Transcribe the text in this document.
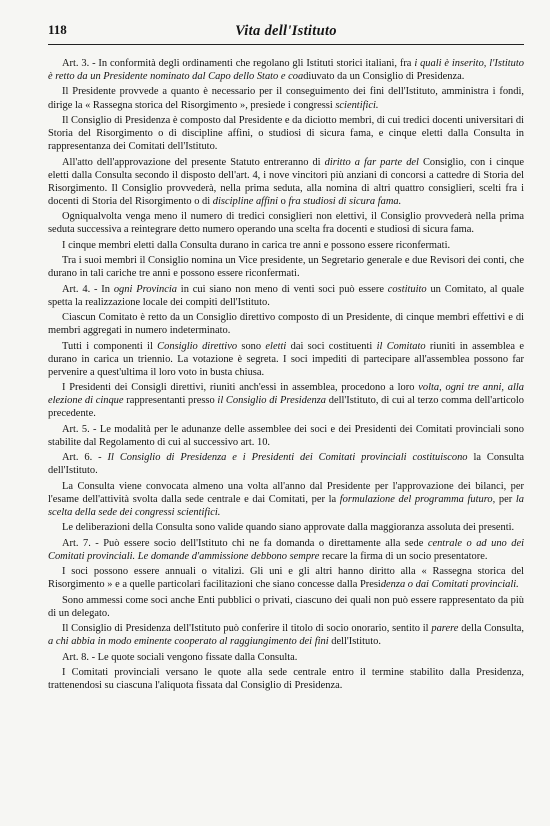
118	Vita dell'Istituto

Art. 3. - In conformità degli ordinamenti che regolano gli Istituti storici italiani, fra i quali è inserito, l'Istituto è retto da un Presidente nominato dal Capo dello Stato e coadiuvato da un Consiglio di Presidenza.

Il Presidente provvede a quanto è necessario per il conseguimento dei fini dell'Istituto, amministra i fondi, dirige la « Rassegna storica del Risorgimento », presiede i congressi scientifici.

Il Consiglio di Presidenza è composto dal Presidente e da diciotto membri, di cui tredici docenti universitari di Storia del Risorgimento o di discipline affini, o studiosi di sicura fama, e cinque eletti dalla Consulta in rappresentanza dei Comitati dell'Istituto.

All'atto dell'approvazione del presente Statuto entreranno di diritto a far parte del Consiglio, con i cinque eletti dalla Consulta secondo il disposto dell'art. 4, i nove vincitori più anziani di concorsi a cattedre di Storia del Risorgimento. Il Consiglio provvederà, nella prima seduta, alla nomina di altri quattro consiglieri, scelti fra i docenti di Storia del Risorgimento o di discipline affini o fra studiosi di sicura fama.

Ogniqualvolta venga meno il numero di tredici consiglieri non elettivi, il Consiglio provvederà nella prima seduta successiva a reintegrare detto numero operando una scelta fra docenti e studiosi di sicura fama.

I cinque membri eletti dalla Consulta durano in carica tre anni e possono essere riconfermati.

Tra i suoi membri il Consiglio nomina un Vice presidente, un Segretario generale e due Revisori dei conti, che durano in tali cariche tre anni e possono essere riconfermati.

Art. 4. - In ogni Provincia in cui siano non meno di venti soci può essere costituito un Comitato, al quale spetta la realizzazione locale dei compiti dell'Istituto.

Ciascun Comitato è retto da un Consiglio direttivo composto di un Presidente, di cinque membri effettivi e di membri aggregati in numero indeterminato.

Tutti i componenti il Consiglio direttivo sono eletti dai soci costituenti il Comitato riuniti in assemblea e durano in carica un triennio. La votazione è segreta. I soci impediti di partecipare all'assemblea possono far pervenire a quest'ultima il loro voto in busta chiusa.

I Presidenti dei Consigli direttivi, riuniti anch'essi in assemblea, procedono a loro volta, ogni tre anni, alla elezione di cinque rappresentanti presso il Consiglio di Presidenza dell'Istituto, di cui al terzo comma dell'articolo precedente.

Art. 5. - Le modalità per le adunanze delle assemblee dei soci e dei Presidenti dei Comitati provinciali sono stabilite dal Regolamento di cui al successivo art. 10.

Art. 6. - Il Consiglio di Presidenza e i Presidenti dei Comitati provinciali costituiscono la Consulta dell'Istituto.

La Consulta viene convocata almeno una volta all'anno dal Presidente per l'approvazione dei bilanci, per l'esame dell'attività svolta dalla sede centrale e dai Comitati, per la formulazione del programma futuro, per la scelta della sede dei congressi scientifici.

Le deliberazioni della Consulta sono valide quando siano approvate dalla maggioranza assoluta dei presenti.

Art. 7. - Può essere socio dell'Istituto chi ne fa domanda o direttamente alla sede centrale o ad uno dei Comitati provinciali. Le domande d'ammissione debbono sempre recare la firma di un socio presentatore.

I soci possono essere annuali o vitalizi. Gli uni e gli altri hanno diritto alla « Rassegna storica del Risorgimento » e a quelle particolari facilitazioni che siano concesse dalla Presidenza o dai Comitati provinciali.

Sono ammessi come soci anche Enti pubblici o privati, ciascuno dei quali non può essere rappresentato da più di un delegato.

Il Consiglio di Presidenza dell'Istituto può conferire il titolo di socio onorario, sentito il parere della Consulta, a chi abbia in modo eminente cooperato al raggiungimento dei fini dell'Istituto.

Art. 8. - Le quote sociali vengono fissate dalla Consulta.

I Comitati provinciali versano le quote alla sede centrale entro il termine stabilito dalla Presidenza, trattenendosi su ciascuna l'aliquota fissata dal Consiglio di Presidenza.
